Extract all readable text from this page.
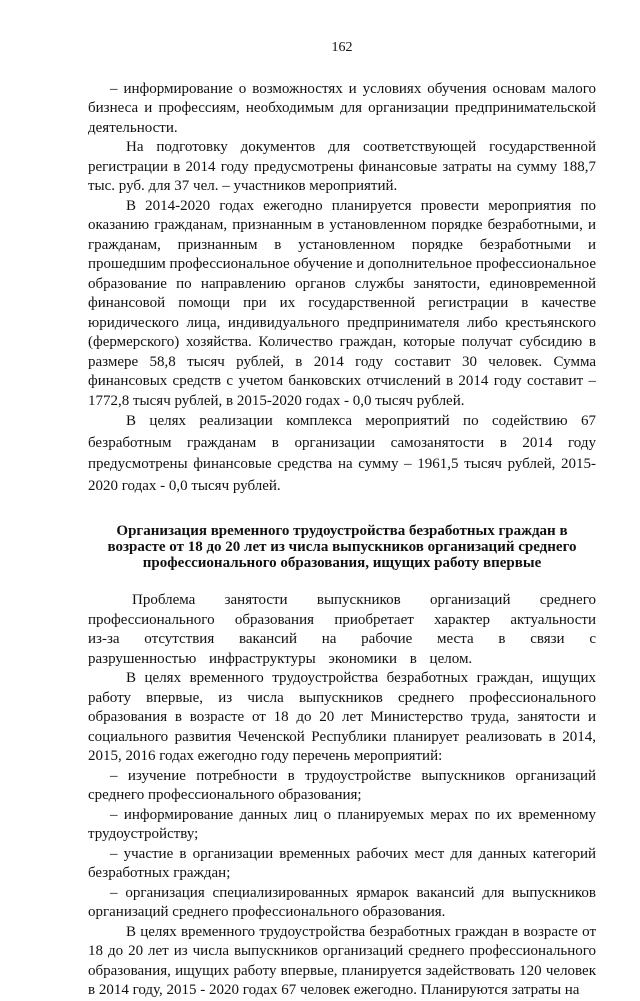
162

– информирование о возможностях и условиях обучения основам малого бизнеса и профессиям, необходимым для организации предпринимательской деятельности.

На подготовку документов для соответствующей государственной регистрации в 2014 году предусмотрены финансовые затраты на сумму 188,7 тыс. руб. для 37 чел. – участников мероприятий.

В 2014-2020 годах ежегодно планируется провести мероприятия по оказанию гражданам, признанным в установленном порядке безработными, и гражданам, признанным в установленном порядке безработными и прошедшим профессиональное обучение и дополнительное профессиональное образование по направлению органов службы занятости, единовременной финансовой помощи при их государственной регистрации в качестве юридического лица, индивидуального предпринимателя либо крестьянского (фермерского) хозяйства. Количество граждан, которые получат субсидию в размере 58,8 тысяч рублей, в 2014 году составит 30 человек. Сумма финансовых средств с учетом банковских отчислений в 2014 году составит – 1772,8 тысяч рублей, в 2015-2020 годах - 0,0 тысяч рублей.

В целях реализации комплекса мероприятий по содействию 67 безработным гражданам в организации самозанятости в 2014 году предусмотрены финансовые средства на сумму – 1961,5 тысяч рублей, 2015-2020 годах - 0,0 тысяч рублей.

Организация временного трудоустройства безработных граждан в возрасте от 18 до 20 лет из числа выпускников организаций среднего профессионального образования, ищущих работу впервые

Проблема занятости выпускников организаций среднего профессионального образования приобретает характер актуальности из-за отсутствия вакансий на рабочие места в связи с разрушенностью инфраструктуры экономики в целом.

В целях временного трудоустройства безработных граждан, ищущих работу впервые, из числа выпускников среднего профессионального образования в возрасте от 18 до 20 лет Министерство труда, занятости и социального развития Чеченской Республики планирует реализовать в 2014, 2015, 2016 годах ежегодно году перечень мероприятий:

– изучение потребности в трудоустройстве выпускников организаций среднего профессионального образования;

– информирование данных лиц о планируемых мерах по их временному трудоустройству;

– участие в организации временных рабочих мест для данных категорий безработных граждан;

– организация специализированных ярмарок вакансий для выпускников организаций среднего профессионального образования.

В целях временного трудоустройства безработных граждан в возрасте от 18 до 20 лет из числа выпускников организаций среднего профессионального образования, ищущих работу впервые, планируется задействовать 120 человек в 2014 году, 2015 - 2020 годах 67 человек ежегодно. Планируются затраты на
